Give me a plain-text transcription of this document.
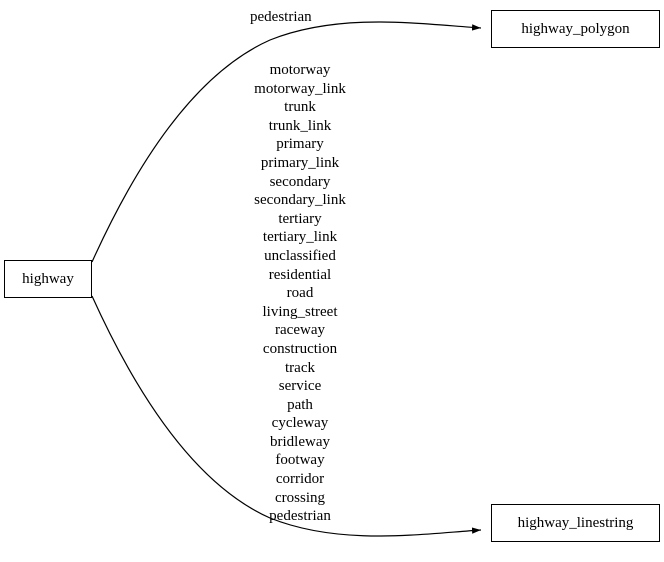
highway
highway_polygon
highway_linestring
pedestrian
motorway
motorway_link
trunk
trunk_link
primary
primary_link
secondary
secondary_link
tertiary
tertiary_link
unclassified
residential
road
living_street
raceway
construction
track
service
path
cycleway
bridleway
footway
corridor
crossing
pedestrian
